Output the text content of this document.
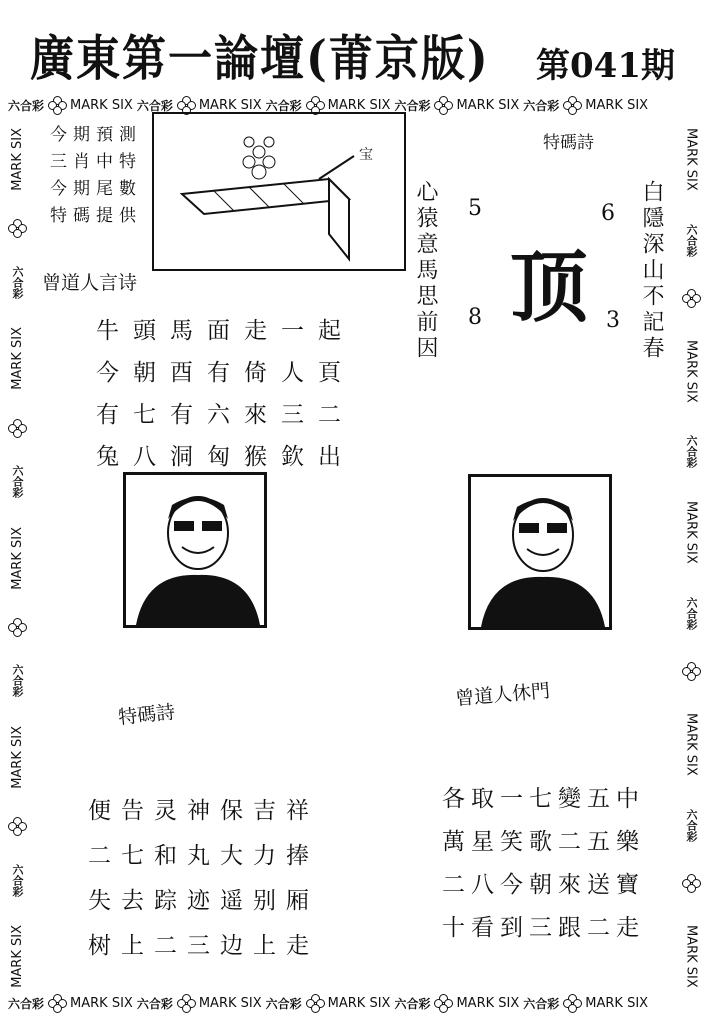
廣東第一論壇(莆京版) 第041期
六合彩 MARK SIX 六合彩 MARK SIX 六合彩 MARK SIX 六合彩 MARK SIX 六合彩 MARK SIX
六合彩 MARK SIX 六合彩 MARK SIX 六合彩 MARK SIX 六合彩 MARK SIX 六合彩 MARK SIX
MARK SIX
六合彩
MARK SIX
六合彩
MARK SIX
六合彩
MARK SIX
六合彩
MARK SIX
MARK SIX
六合彩
MARK SIX
六合彩
MARK SIX
六合彩
MARK SIX
六合彩
MARK SIX
今期預測
三肖中特
今期尾數
特碼提供
宝
特碼詩
心猿意馬思前因	白隱深山不記春
5	6
8	3
顶
曾道人言诗
牛頭馬面走一起
今朝酉有倚人頁
有七有六來三二
兔八洞匈猴欽出
特碼詩
曾道人休門
便告灵神保吉祥
二七和丸大力捧
失去踪迹遥别厢
树上二三边上走
各取一七變五中
萬星笑歌二五樂
二八今朝來送寶
十看到三跟二走
